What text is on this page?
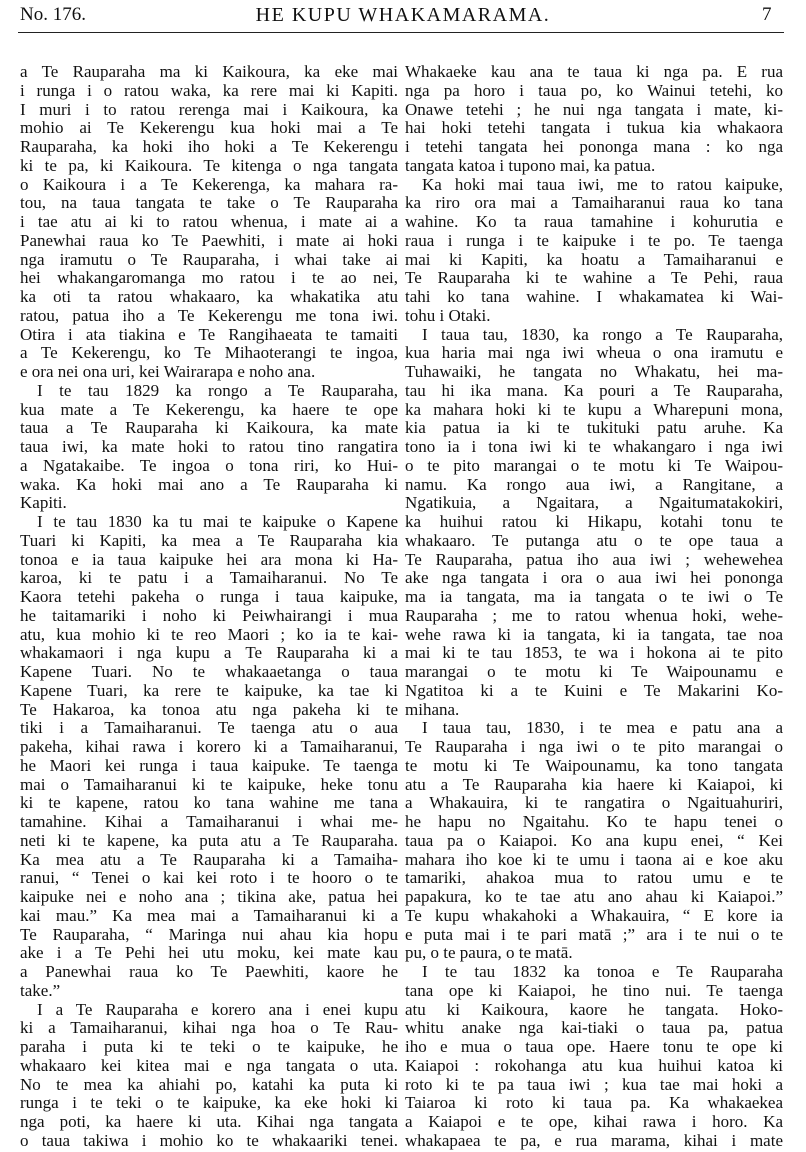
No. 176.	HE KUPU WHAKAMARAMA.	7
a Te Rauparaha ma ki Kaikoura, ka eke mai
i runga i o ratou waka, ka rere mai ki Kapiti.
I muri i to ratou rerenga mai i Kaikoura, ka
mohio ai Te Kekerengu kua hoki mai a Te
Rauparaha, ka hoki iho hoki a Te Kekerengu
ki te pa, ki Kaikoura. Te kitenga o nga tangata
o Kaikoura i a Te Kekerenga, ka mahara ra-
tou, na taua tangata te take o Te Rauparaha
i tae atu ai ki to ratou whenua, i mate ai a
Panewhai raua ko Te Paewhiti, i mate ai hoki
nga iramutu o Te Rauparaha, i whai take ai
hei whakangaromanga mo ratou i te ao nei,
ka oti ta ratou whakaaro, ka whakatika atu
ratou, patua iho a Te Kekerengu me tona iwi.
Otira i ata tiakina e Te Rangihaeata te tamaiti
a Te Kekerengu, ko Te Mihaoterangi te ingoa,
e ora nei ona uri, kei Wairarapa e noho ana.
I te tau 1829 ka rongo a Te Rauparaha,
kua mate a Te Kekerengu, ka haere te ope
taua a Te Rauparaha ki Kaikoura, ka mate
taua iwi, ka mate hoki to ratou tino rangatira
a Ngatakaibe. Te ingoa o tona riri, ko Hui-
waka. Ka hoki mai ano a Te Rauparaha ki
Kapiti.
I te tau 1830 ka tu mai te kaipuke o Kapene
Tuari ki Kapiti, ka mea a Te Rauparaha kia
tonoa e ia taua kaipuke hei ara mona ki Ha-
karoa, ki te patu i a Tamaiharanui. No Te
Kaora tetehi pakeha o runga i taua kaipuke,
he taitamariki i noho ki Peiwhairangi i mua
atu, kua mohio ki te reo Maori ; ko ia te kai-
whakamaori i nga kupu a Te Rauparaha ki a
Kapene Tuari. No te whakaaetanga o taua
Kapene Tuari, ka rere te kaipuke, ka tae ki
Te Hakaroa, ka tonoa atu nga pakeha ki te
tiki i a Tamaiharanui. Te taenga atu o aua
pakeha, kihai rawa i korero ki a Tamaiharanui,
he Maori kei runga i taua kaipuke. Te taenga
mai o Tamaiharanui ki te kaipuke, heke tonu
ki te kapene, ratou ko tana wahine me tana
tamahine. Kihai a Tamaiharanui i whai me-
neti ki te kapene, ka puta atu a Te Rauparaha.
Ka mea atu a Te Rauparaha ki a Tamaiha-
ranui, “ Tenei o kai kei roto i te hooro o te
kaipuke nei e noho ana ; tikina ake, patua hei
kai mau.” Ka mea mai a Tamaiharanui ki a
Te Rauparaha, “ Maringa nui ahau kia hopu
ake i a Te Pehi hei utu moku, kei mate kau
a Panewhai raua ko Te Paewhiti, kaore he
take.”
I a Te Rauparaha e korero ana i enei kupu
ki a Tamaiharanui, kihai nga hoa o Te Rau-
paraha i puta ki te teki o te kaipuke, he
whakaaro kei kitea mai e nga tangata o uta.
No te mea ka ahiahi po, katahi ka puta ki
runga i te teki o te kaipuke, ka eke hoki ki
nga poti, ka haere ki uta. Kihai nga tangata
o taua takiwa i mohio ko te whakaariki tenei.
Whakaeke kau ana te taua ki nga pa. E rua
nga pa horo i taua po, ko Wainui tetehi, ko
Onawe tetehi ; he nui nga tangata i mate, ki-
hai hoki tetehi tangata i tukua kia whakaora
i tetehi tangata hei pononga mana : ko nga
tangata katoa i tupono mai, ka patua.
Ka hoki mai taua iwi, me to ratou kaipuke,
ka riro ora mai a Tamaiharanui raua ko tana
wahine. Ko ta raua tamahine i kohurutia e
raua i runga i te kaipuke i te po. Te taenga
mai ki Kapiti, ka hoatu a Tamaiharanui e
Te Rauparaha ki te wahine a Te Pehi, raua
tahi ko tana wahine. I whakamatea ki Wai-
tohu i Otaki.
I taua tau, 1830, ka rongo a Te Rauparaha,
kua haria mai nga iwi wheua o ona iramutu e
Tuhawaiki, he tangata no Whakatu, hei ma-
tau hi ika mana. Ka pouri a Te Rauparaha,
ka mahara hoki ki te kupu a Wharepuni mona,
kia patua ia ki te tukituki patu aruhe. Ka
tono ia i tona iwi ki te whakangaro i nga iwi
o te pito marangai o te motu ki Te Waipou-
namu. Ka rongo aua iwi, a Rangitane, a
Ngatikuia, a Ngaitara, a Ngaitumatakokiri,
ka huihui ratou ki Hikapu, kotahi tonu te
whakaaro. Te putanga atu o te ope taua a
Te Rauparaha, patua iho aua iwi ; wehewehea
ake nga tangata i ora o aua iwi hei pononga
ma ia tangata, ma ia tangata o te iwi o Te
Rauparaha ; me to ratou whenua hoki, wehe-
wehe rawa ki ia tangata, ki ia tangata, tae noa
mai ki te tau 1853, te wa i hokona ai te pito
marangai o te motu ki Te Waipounamu e
Ngatitoa ki a te Kuini e Te Makarini Ko-
mihana.
I taua tau, 1830, i te mea e patu ana a
Te Rauparaha i nga iwi o te pito marangai o
te motu ki Te Waipounamu, ka tono tangata
atu a Te Rauparaha kia haere ki Kaiapoi, ki
a Whakauira, ki te rangatira o Ngaituahuriri,
he hapu no Ngaitahu. Ko te hapu tenei o
taua pa o Kaiapoi. Ko ana kupu enei, “ Kei
mahara iho koe ki te umu i taona ai e koe aku
tamariki, ahakoa mua to ratou umu e te
papakura, ko te tae atu ano ahau ki Kaiapoi.”
Te kupu whakahoki a Whakauira, “ E kore ia
e puta mai i te pari matā ;” ara i te nui o te
pu, o te paura, o te matā.
I te tau 1832 ka tonoa e Te Rauparaha
tana ope ki Kaiapoi, he tino nui. Te taenga
atu ki Kaikoura, kaore he tangata. Hoko-
whitu anake nga kai-tiaki o taua pa, patua
iho e mua o taua ope. Haere tonu te ope ki
Kaiapoi : rokohanga atu kua huihui katoa ki
roto ki te pa taua iwi ; kua tae mai hoki a
Taiaroa ki roto ki taua pa. Ka whakaekea
a Kaiapoi e te ope, kihai rawa i horo. Ka
whakapaea te pa, e rua marama, kihai i mate
